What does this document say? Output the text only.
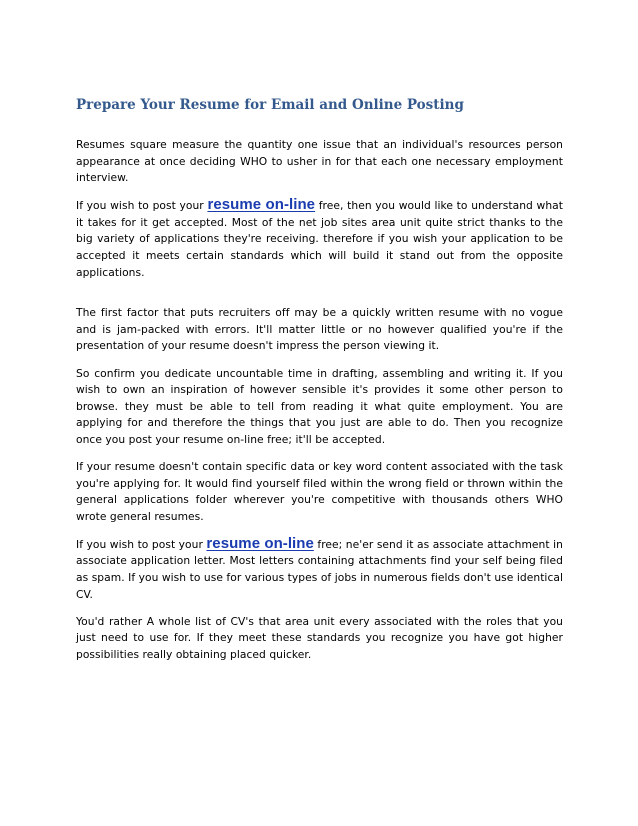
Prepare Your Resume for Email and Online Posting

Resumes square measure the quantity one issue that an individual's resources person appearance at once deciding WHO to usher in for that each one necessary employment interview.

If you wish to post your resume on-line free, then you would like to understand what it takes for it get accepted. Most of the net job sites area unit quite strict thanks to the big variety of applications they're receiving. therefore if you wish your application to be accepted it meets certain standards which will build it stand out from the opposite applications.

The first factor that puts recruiters off may be a quickly written resume with no vogue and is jam-packed with errors. It'll matter little or no however qualified you're if the presentation of your resume doesn't impress the person viewing it.

So confirm you dedicate uncountable time in drafting, assembling and writing it. If you wish to own an inspiration of however sensible it's provides it some other person to browse. they must be able to tell from reading it what quite employment. You are applying for and therefore the things that you just are able to do. Then you recognize once you post your resume on-line free; it'll be accepted.

If your resume doesn't contain specific data or key word content associated with the task you're applying for. It would find yourself filed within the wrong field or thrown within the general applications folder wherever you're competitive with thousands others WHO wrote general resumes.

If you wish to post your resume on-line free; ne'er send it as associate attachment in associate application letter. Most letters containing attachments find your self being filed as spam. If you wish to use for various types of jobs in numerous fields don't use identical CV.

You'd rather A whole list of CV's that area unit every associated with the roles that you just need to use for. If they meet these standards you recognize you have got higher possibilities really obtaining placed quicker.
